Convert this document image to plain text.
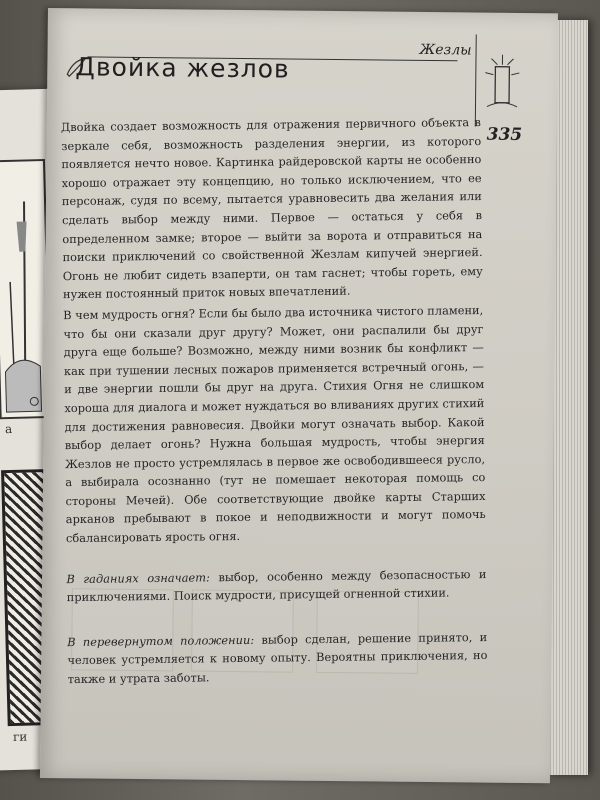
а
ги
Жезлы
Двойка жезлов
335

Двойка создает возможность для отражения первичного объекта в зеркале себя, возможность разделения энергии, из которого появляется нечто новое. Картинка райдеровской карты не особенно хорошо отражает эту концепцию, но только исключением, что ее персонаж, судя по всему, пытается уравновесить два желания или сделать выбор между ними. Первое — остаться у себя в определенном замке; второе — выйти за ворота и отправиться на поиски приключений со свойственной Жезлам кипучей энергией. Огонь не любит сидеть взаперти, он там гаснет; чтобы гореть, ему нужен постоянный приток новых впечатлений.

В чем мудрость огня? Если бы было два источника чистого пламени, что бы они сказали друг другу? Может, они распалили бы друг друга еще больше? Возможно, между ними возник бы конфликт — как при тушении лесных пожаров применяется встречный огонь, — и две энергии пошли бы друг на друга. Стихия Огня не слишком хороша для диалога и может нуждаться во вливаниях других стихий для достижения равновесия. Двойки могут означать выбор. Какой выбор делает огонь? Нужна большая мудрость, чтобы энергия Жезлов не просто устремлялась в первое же освободившееся русло, а выбирала осознанно (тут не помешает некоторая помощь со стороны Мечей). Обе соответствующие двойке карты Старших арканов пребывают в покое и неподвижности и могут помочь сбалансировать ярость огня.

В гаданиях означает: выбор, особенно между безопасностью и приключениями. Поиск мудрости, присущей огненной стихии.

В перевернутом положении: выбор сделан, решение принято, и человек устремляется к новому опыту. Вероятны приключения, но также и утрата заботы.
